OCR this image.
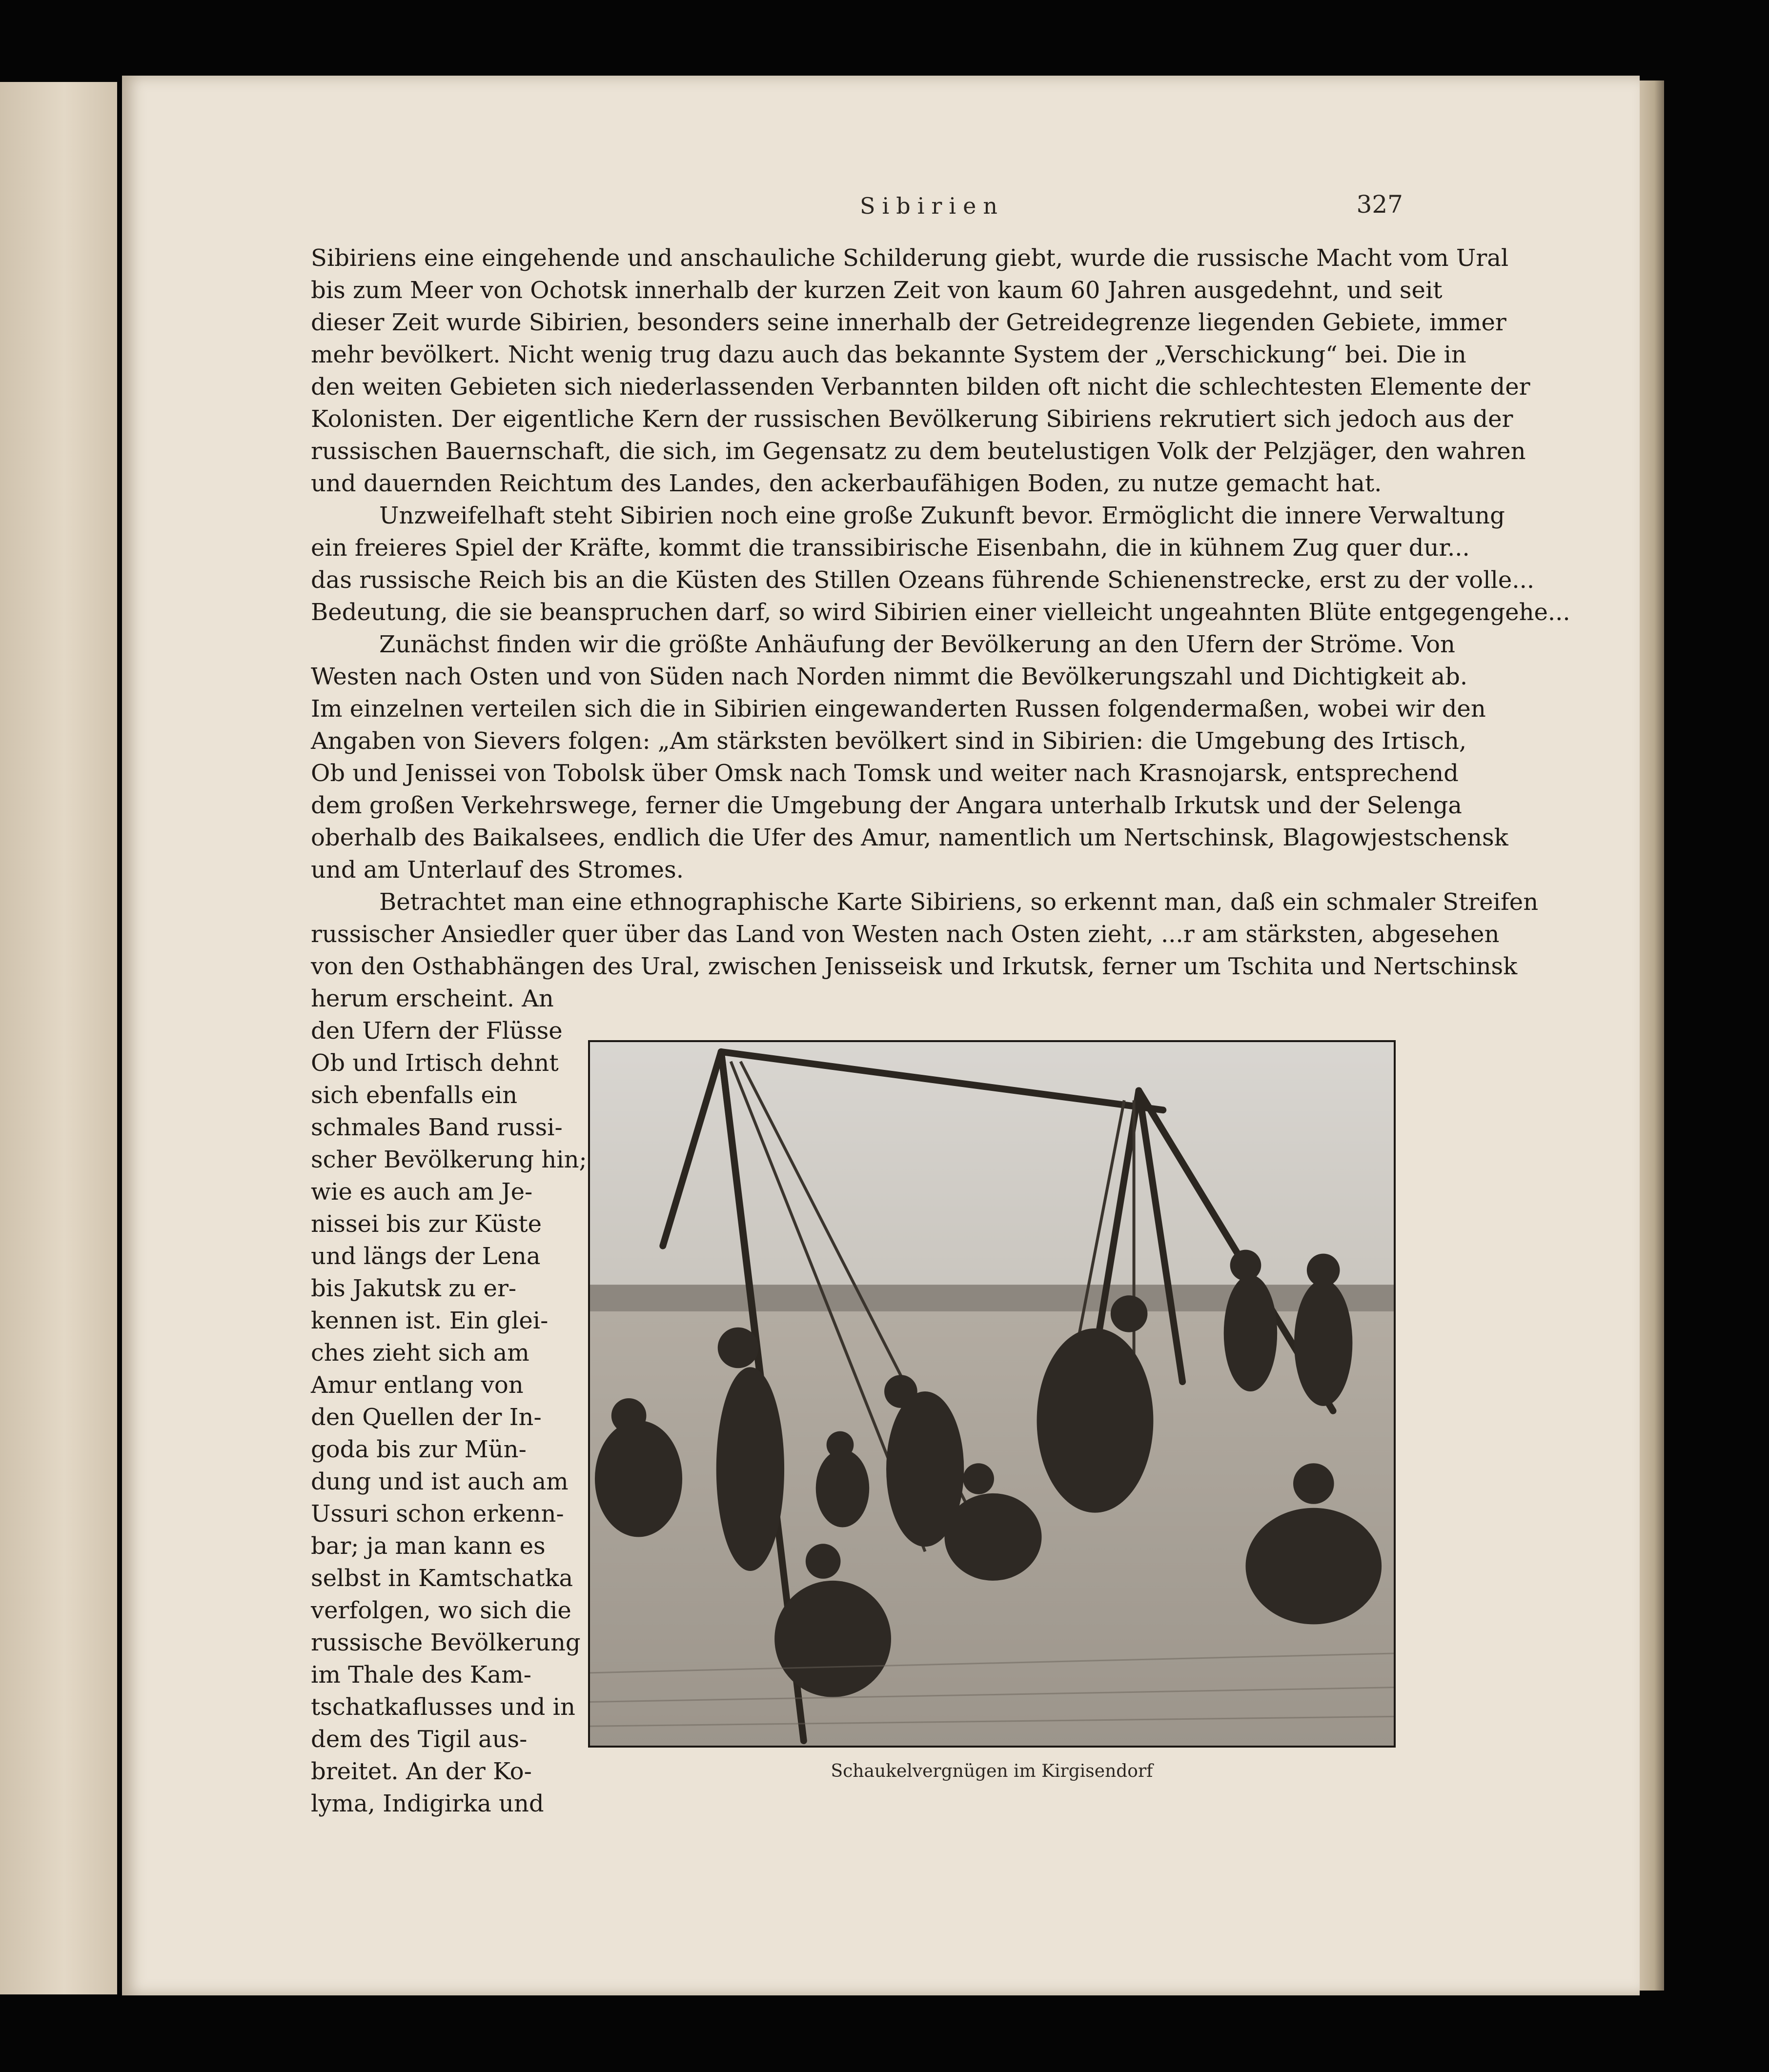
Sibirien	327
Sibiriens eine eingehende und anschauliche Schilderung giebt, wurde die russische Macht vom Ural
bis zum Meer von Ochotsk innerhalb der kurzen Zeit von kaum 60 Jahren ausgedehnt, und seit
dieser Zeit wurde Sibirien, besonders seine innerhalb der Getreidegrenze liegenden Gebiete, immer
mehr bevölkert. Nicht wenig trug dazu auch das bekannte System der „Verschickung“ bei. Die in
den weiten Gebieten sich niederlassenden Verbannten bilden oft nicht die schlechtesten Elemente der
Kolonisten. Der eigentliche Kern der russischen Bevölkerung Sibiriens rekrutiert sich jedoch aus der
russischen Bauernschaft, die sich, im Gegensatz zu dem beutelustigen Volk der Pelzjäger, den wahren
und dauernden Reichtum des Landes, den ackerbaufähigen Boden, zu nutze gemacht hat.
Unzweifelhaft steht Sibirien noch eine große Zukunft bevor. Ermöglicht die innere Verwaltung
ein freieres Spiel der Kräfte, kommt die transsibirische Eisenbahn, die in kühnem Zug quer dur...
das russische Reich bis an die Küsten des Stillen Ozeans führende Schienenstrecke, erst zu der volle...
Bedeutung, die sie beanspruchen darf, so wird Sibirien einer vielleicht ungeahnten Blüte entgegengehe...
Zunächst finden wir die größte Anhäufung der Bevölkerung an den Ufern der Ströme. Von
Westen nach Osten und von Süden nach Norden nimmt die Bevölkerungszahl und Dichtigkeit ab.
Im einzelnen verteilen sich die in Sibirien eingewanderten Russen folgendermaßen, wobei wir den
Angaben von Sievers folgen: „Am stärksten bevölkert sind in Sibirien: die Umgebung des Irtisch,
Ob und Jenissei von Tobolsk über Omsk nach Tomsk und weiter nach Krasnojarsk, entsprechend
dem großen Verkehrswege, ferner die Umgebung der Angara unterhalb Irkutsk und der Selenga
oberhalb des Baikalsees, endlich die Ufer des Amur, namentlich um Nertschinsk, Blagowjestschensk
und am Unterlauf des Stromes.
Betrachtet man eine ethnographische Karte Sibiriens, so erkennt man, daß ein schmaler Streifen
russischer Ansiedler quer über das Land von Westen nach Osten zieht, ...r am stärksten, abgesehen
von den Osthabhängen des Ural, zwischen Jenisseisk und Irkutsk, ferner um Tschita und Nertschinsk
herum erscheint. An
den Ufern der Flüsse
Ob und Irtisch dehnt
sich ebenfalls ein
schmales Band russi-
scher Bevölkerung hin;
wie es auch am Je-
nissei bis zur Küste
und längs der Lena
bis Jakutsk zu er-
kennen ist. Ein glei-
ches zieht sich am
Amur entlang von
den Quellen der In-
goda bis zur Mün-
dung und ist auch am
Ussuri schon erkenn-
bar; ja man kann es
selbst in Kamtschatka
verfolgen, wo sich die
russische Bevölkerung
im Thale des Kam-
tschatkaflusses und in
dem des Tigil aus-
breitet. An der Ko-
lyma, Indigirka und
Schaukelvergnügen im Kirgisendorf
